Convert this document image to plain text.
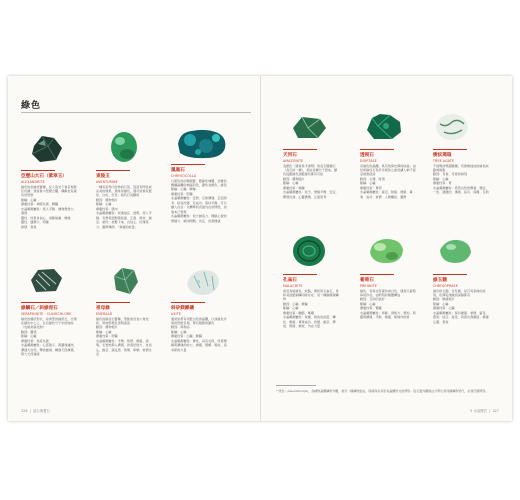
綠色
亞歷山大石（紫翠玉）
ALEXANDRITE

綠色的金綠柱寶種，在人造光下會呈現紫紅色調；通常會小型聚合體，偶爾也有綠色的型態

脈輪：心輪

療癒性質：神經系統、脾臟

水晶藥劑屬性：使人平靜、增進想像力、激發

靈性、改善自信心、消除焦慮、增進

靈性、適應力、明確

熱情、喜悅

東陵玉
AVENTURINE

一種有雲母內含物的石英，因而有閃亮或完美的效果，通常是綠色，還可能會有藍色、白色、紅色；時代石英顆粒

動因：禮物相片

脈輪：心輪

療癒性質：肌肉

水晶藥劑屬性：快速信任、透明、使人平靜、有勇氣面對陰暗面、正面、熱忱、創意、愛你；放鬆下來、自信心、好運等力、靈修導師、「貪婪的能量」

鳳凰石
CHRYSOCOLLA

以藍色的矽酸銅寶、藍綠色塊體、含雜色鐵礦晶體的地區附近，顏色為藍色、綠色

脈輪：心輪、喉輪

療癒性質：肝臟

水晶藥劑屬性：安慰、互助溝通、正面思考、接受改變、有成功；保持平靜、可以讓人自在：以精準的表達內在的情感，加速本已實現

水晶藥劑屬性：放大創造力、開啟心智的情緒力、解決問題、肯定、改善健康

綠鱗石／斜綠泥石
SERAPHINITE · CLINOCHLORE

綠色的層狀形式，是典型的綠泥石，出現在綠色中心上，在有綠色分子中的斑紋（也就是碳化物）

動因：靈感

脈輪：心輪

療癒性質：免疫系統

水晶藥劑屬性：心霊啟示、與靈魂連結、溝通大自然、釋放創傷、暢通天使溝通、與大天使連接

祖母綠
EMERALD

綠色的綠柱石寶種，型態常見為六角柱狀，質地堅硬且透明度高

動因：禮物相片

脈輪：心輪

療癒性質：肝臟

水晶藥劑屬性：平衡、智慧、療癒、透明，忠實地與人溝通、改善記憶力、自信心、創意、滿足感、熱情、和解、愛情生活

斜矽鎂鎳礦
AXITE

通常是帶有亮藍白色的晶體，以淡綠色外貌的型態呈現，帶有陰影的顏色

動因：與物品

脈輪：心輪

療癒性質：心臟、肺臟

水晶藥劑屬性：禪坐，具有支撐、改善理解與溝通的能力，療癒，理解、吸收、追求新的力量

天河石
AMAZONITE

為藍色（通常是半透明）的長石變種石（長石的一種），是由各種分子組成，顏色從藍綠色到藍綠色都有可能

動因：禮物圖片

脈輪：心輪

療癒性質：喉嚨

水晶藥劑屬性：給予、情緒平衡、安定、開發自我、心靈溝通、正面思考

透視石
DIOPTASE

亮綠色的晶體，具有玻璃光澤的結晶；由於和綠柱石有許多相似之處而讓人稍不留意就會混淆

動因：主題、特別

脈輪：心輪

療癒性質：胃部

水晶藥劑屬性：富足、財富、健康、事業、成功、愛情、人際關係、靈修

樹紋瑪瑙
TREE AGATE

不透明的瑪瑙變種，有像樹枝紋的綠色紋路或斑點

動因：有愛、可愛的時刻

脈輪：心輪

療癒性質：胃

水晶藥劑屬性：感恩自然的豐富、穩定、一致、溫暖的、遷就、指引、保護、互助

孔雀石
MALACHITE

常見為暗綠色，紋路，層狀的孔雀石，常和其他藍銅礦同時存在；是一種碳酸銅礦物

動因：心輪、喉輪

脈輪：心輪

療癒性質：關節、喉嚨

水晶藥劑屬性：保護、吸收負能量、轉化、療癒、事業成功、改變、創意、釋放、情緒、解放、內在力量

葡萄石
PREHNITE

綠色，有時也有黃色或白色，通常以葡萄串狀存在，由鈣鋁矽酸鹽構成

動因：互助的美好

脈輪：心輪

療癒性質：腎臟

水晶藥劑屬性：寧靜、洞察力、預知、與靈界溝通、平靜、療癒、無條件的愛

綠玉髓
CHRYSOPRASE

綠色的玉髓，含有鎳，是石英家族的成員，色澤從淺綠到深綠都有

動因：療癒相片

脈輪：心輪

療癒性質：心臟

水晶藥劑屬性：保持健康、愛情、富足、寬恕、信任、接受、改善自我價值、療癒心靈、喜悅

* 原註：pseudomorph，為種物晶體礦物外觀，被另一種礦物組成，同時保存其原有晶體形式的情形。從石頭外觀無法分辨出是何種礦物替代，必須仔細辨別。
326  |  晶石與寶石	5 水晶療法  |  327
